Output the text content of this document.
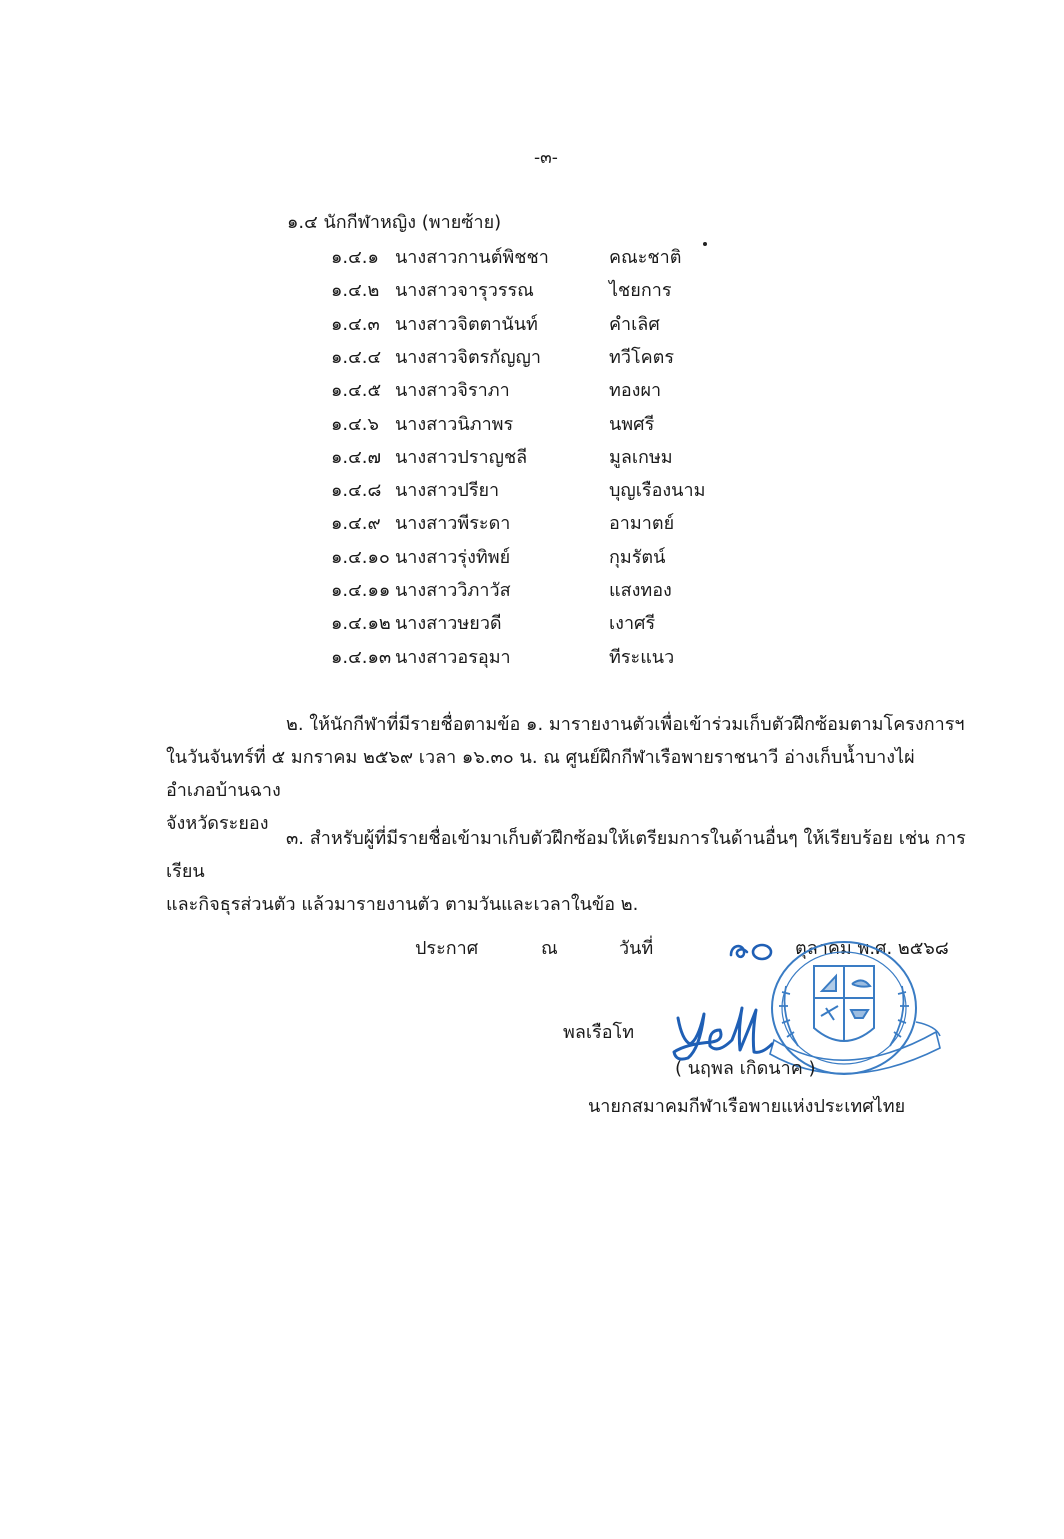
-๓-
๑.๔ นักกีฬาหญิง (พายซ้าย)
๑.๔.๑ นางสาวกานต์พิชชา	คณะชาติ
๑.๔.๒ นางสาวจารุวรรณ	ไชยการ
๑.๔.๓ นางสาวจิตตานันท์	คำเลิศ
๑.๔.๔ นางสาวจิตรกัญญา	ทวีโคตร
๑.๔.๕ นางสาวจิราภา	ทองผา
๑.๔.๖ นางสาวนิภาพร	นพศรี
๑.๔.๗ นางสาวปราญชลี	มูลเกษม
๑.๔.๘ นางสาวปรียา	บุญเรืองนาม
๑.๔.๙ นางสาวพีระดา	อามาตย์
๑.๔.๑๐ นางสาวรุ่งทิพย์	กุมรัตน์
๑.๔.๑๑ นางสาววิภาวัส	แสงทอง
๑.๔.๑๒ นางสาวษยวดี	เงาศรี
๑.๔.๑๓ นางสาวอรอุมา	ทีระแนว
๒. ให้นักกีฬาที่มีรายชื่อตามข้อ ๑. มารายงานตัวเพื่อเข้าร่วมเก็บตัวฝึกซ้อมตามโครงการฯ
ในวันจันทร์ที่ ๕ มกราคม ๒๕๖๙ เวลา ๑๖.๓๐ น. ณ ศูนย์ฝึกกีฬาเรือพายราชนาวี อ่างเก็บน้ำบางไผ่ อำเภอบ้านฉาง
จังหวัดระยอง
๓. สำหรับผู้ที่มีรายชื่อเข้ามาเก็บตัวฝึกซ้อมให้เตรียมการในด้านอื่นๆ ให้เรียบร้อย เช่น การเรียน
และกิจธุรส่วนตัว แล้วมารายงานตัว ตามวันและเวลาในข้อ ๒.
ประกาศ	ณ	วันที่	ตุลาคม พ.ศ. ๒๕๖๘
พลเรือโท
( นฤพล เกิดนาค )
นายกสมาคมกีฬาเรือพายแห่งประเทศไทย
